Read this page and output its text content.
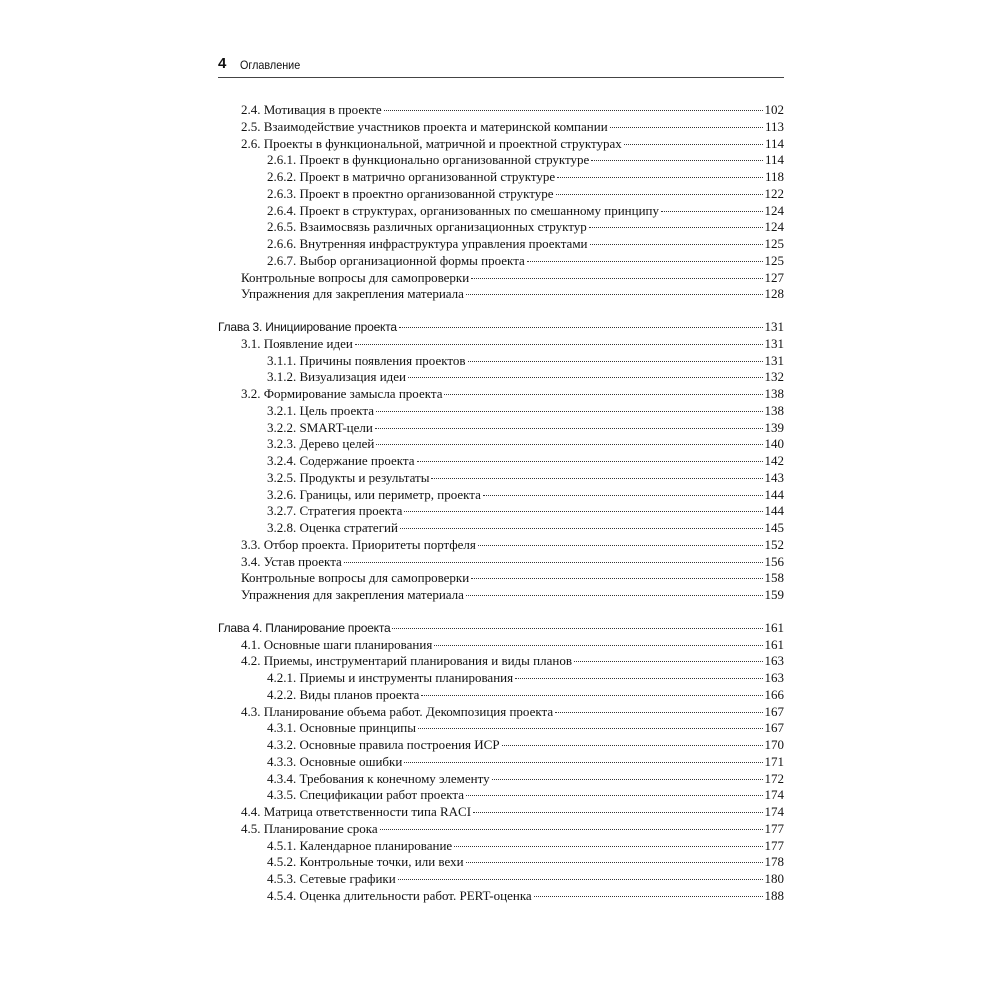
4 Оглавление
2.4. Мотивация в проекте	102
2.5. Взаимодействие участников проекта и материнской компании	113
2.6. Проекты в функциональной, матричной и проектной структурах	114
2.6.1. Проект в функционально организованной структуре	114
2.6.2. Проект в матрично организованной структуре	118
2.6.3. Проект в проектно организованной структуре	122
2.6.4. Проект в структурах, организованных по смешанному принципу	124
2.6.5. Взаимосвязь различных организационных структур	124
2.6.6. Внутренняя инфраструктура управления проектами	125
2.6.7. Выбор организационной формы проекта	125
Контрольные вопросы для самопроверки	127
Упражнения для закрепления материала	128
Глава 3. Инициирование проекта	131
3.1. Появление идеи	131
3.1.1. Причины появления проектов	131
3.1.2. Визуализация идеи	132
3.2. Формирование замысла проекта	138
3.2.1. Цель проекта	138
3.2.2. SMART-цели	139
3.2.3. Дерево целей	140
3.2.4. Содержание проекта	142
3.2.5. Продукты и результаты	143
3.2.6. Границы, или периметр, проекта	144
3.2.7. Стратегия проекта	144
3.2.8. Оценка стратегий	145
3.3. Отбор проекта. Приоритеты портфеля	152
3.4. Устав проекта	156
Контрольные вопросы для самопроверки	158
Упражнения для закрепления материала	159
Глава 4. Планирование проекта	161
4.1. Основные шаги планирования	161
4.2. Приемы, инструментарий планирования и виды планов	163
4.2.1. Приемы и инструменты планирования	163
4.2.2. Виды планов проекта	166
4.3. Планирование объема работ. Декомпозиция проекта	167
4.3.1. Основные принципы	167
4.3.2. Основные правила построения ИСР	170
4.3.3. Основные ошибки	171
4.3.4. Требования к конечному элементу	172
4.3.5. Спецификации работ проекта	174
4.4. Матрица ответственности типа RACI	174
4.5. Планирование срока	177
4.5.1. Календарное планирование	177
4.5.2. Контрольные точки, или вехи	178
4.5.3. Сетевые графики	180
4.5.4. Оценка длительности работ. PERT-оценка	188
